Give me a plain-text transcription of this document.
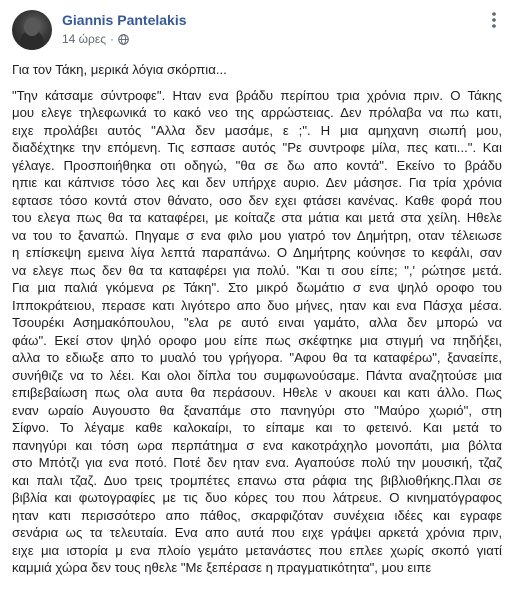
Giannis Pantelakis
14 ώρες ·

Για τον Τάκη, μερικά λόγια σκόρπια...

"Την κάτσαμε σύντροφε". Ηταν ενα βράδυ περίπου τρια χρόνια πριν. Ο Τάκης
μου ελεγε τηλεφωνικά τo κακό νεο της αρρώστειας. Δεν πρόλαβα να πω κατι,
ειχε προλάβει αυτός "Αλλα δεν μασάμε, ε ;". Η μια αμηχανη σιωπή μου,
διαδέχτηκε την επόμενη. Τις εσπασε αυτός "Ρε συντροφε μίλα, πες κατι...". Και
γέλαγε. Προσποιήθηκα οτι οδηγώ, "θα σε δω απο κοντά". Εκείνο το βράδυ
ηπιε και κάπνισε τόσο λες και δεν υπήρχε αυριο. Δεν μάσησε. Για τρία χρόνια
εφτασε τόσο κοντά στον θάνατο, οσο δεν εχει φτάσει κανένας. Καθε φορά που
του ελεγα πως θα τα καταφέρει, με κοίταζε στα μάτια και μετά στα χείλη. Ηθελε
να του το ξαναπώ. Πηγαμε σ ενα φιλο μου γιατρό τον Δημήτρη, οταν τέλειωσε
η επίσκεψη εμεινα λίγα λεπτά παραπάνω. Ο Δημήτρης κούνησε το κεφάλι, σαν
να ελεγε πως δεν θα τα καταφέρει για πολύ. "Και τι σου είπε; ",' ρώτησε μετά.
Για μια παλιά γκόμενα ρε Τάκη". Στο μικρό δωμάτιο σ ενα ψηλό οροφο του
Ιπποκράτειου, περασε κατι λιγότερο απο δυο μήνες, ηταν και ενα Πάσχα μέσα.
Τσουρέκι Ασημακόπουλου, "ελα ρε αυτό ειναι γαμάτο, αλλα δεν μπορώ να
φάω". Εκεί στον ψηλό οροφο μου είπε πως σκέφτηκε μια στιγμή να πηδήξει,
αλλα το εδιωξε απο το μυαλό του γρήγορα. "Αφου θα τα καταφέρω", ξαναείπε,
συνήθιζε να το λέει. Και ολοι δίπλα του συμφωνούσαμε. Πάντα αναζητούσε μια
επιβεβαίωση πως ολα αυτα θα περάσουν. Ηθελε ν ακουει και κατι άλλο. Πως
εναν ωραίο Αυγουστο θα ξαναπάμε στο πανηγύρι στο ''Μαύρο χωριό", στη
Σίφνο. Το λέγαμε καθε καλοκαίρι, το είπαμε και το φετεινό. Και μετά το
πανηγύρι και τόση ωρα περπάτημα σ ενα κακοτράχηλο μονοπάτι, μια βόλτα
στο Μπότζι για ενα ποτό. Ποτέ δεν ηταν ενα. Αγαπούσε πολύ την μουσική, τζαζ
και παλι τζαζ. Δυο τρεις τρομπέτες επανω στα ράφια της βιβλιοθήκης.Πλαι σε
βιβλία και φωτογραφίες με τις δυο κόρες του που λάτρευε. Ο κινηματόγραφος
ηταν κατι περισσότερο απο πάθος, σκαρφιζόταν συνέχεια ιδέες και εγραφε
σενάρια ως τα τελευταία. Ενα απο αυτά που ειχε γράψει αρκετά χρόνια πριν,
ειχε μια ιστορία μ ενα πλοίο γεμάτο μετανάστες που επλεε χωρίς σκοπό γιατί
καμμιά χώρα δεν τους ηθελε "Με ξεπέρασε η πραγματικότητα", μου ειπε
